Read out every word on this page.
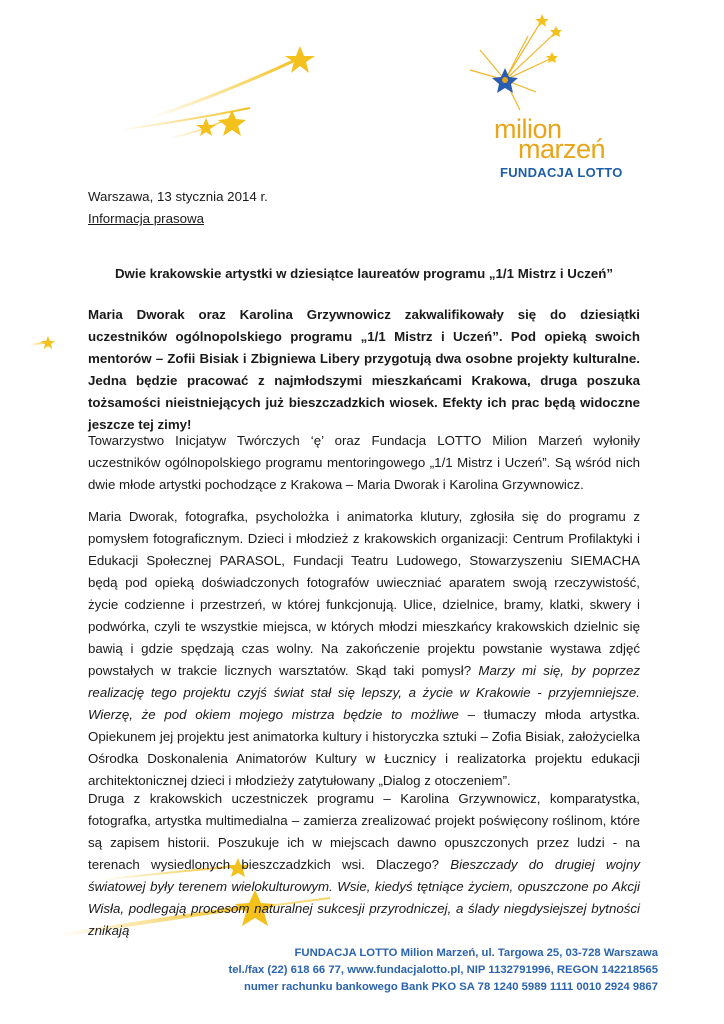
milion
marzeń
FUNDACJA LOTTO
Warszawa, 13 stycznia 2014 r.
Informacja prasowa
Dwie krakowskie artystki w dziesiątce laureatów programu „1/1 Mistrz i Uczeń”

Maria Dworak oraz Karolina Grzywnowicz zakwalifikowały się do dziesiątki uczestników ogólnopolskiego programu „1/1 Mistrz i Uczeń”. Pod opieką swoich mentorów – Zofii Bisiak i Zbigniewa Libery przygotują dwa osobne projekty kulturalne. Jedna będzie pracować z najmłodszymi mieszkańcami Krakowa, druga poszuka tożsamości nieistniejących już bieszczadzkich wiosek. Efekty ich prac będą widoczne jeszcze tej zimy!

Towarzystwo Inicjatyw Twórczych ‘ę’ oraz Fundacja LOTTO Milion Marzeń wyłoniły uczestników ogólnopolskiego programu mentoringowego „1/1 Mistrz i Uczeń”. Są wśród nich dwie młode artystki pochodzące z Krakowa – Maria Dworak i Karolina Grzywnowicz.

Maria Dworak, fotografka, psycholożka i animatorka klutury, zgłosiła się do programu z pomysłem fotograficznym. Dzieci i młodzież z krakowskich organizacji: Centrum Profilaktyki i Edukacji Społecznej PARASOL, Fundacji Teatru Ludowego, Stowarzyszeniu SIEMACHA będą pod opieką doświadczonych fotografów uwieczniać aparatem swoją rzeczywistość, życie codzienne i przestrzeń, w której funkcjonują. Ulice, dzielnice, bramy, klatki, skwery i podwórka, czyli te wszystkie miejsca, w których młodzi mieszkańcy krakowskich dzielnic się bawią i gdzie spędzają czas wolny. Na zakończenie projektu powstanie wystawa zdjęć powstałych w trakcie licznych warsztatów. Skąd taki pomysł? Marzy mi się, by poprzez realizację tego projektu czyjś świat stał się lepszy, a życie w Krakowie - przyjemniejsze. Wierzę, że pod okiem mojego mistrza będzie to możliwe – tłumaczy młoda artystka. Opiekunem jej projektu jest animatorka kultury i historyczka sztuki – Zofia Bisiak, założycielka Ośrodka Doskonalenia Animatorów Kultury w Łucznicy i realizatorka projektu edukacji architektonicznej dzieci i młodzieży zatytułowany „Dialog z otoczeniem”.

Druga z krakowskich uczestniczek programu – Karolina Grzywnowicz, komparatystka, fotografka, artystka multimedialna – zamierza zrealizować projekt poświęcony roślinom, które są zapisem historii. Poszukuje ich w miejscach dawno opuszczonych przez ludzi - na terenach wysiedlonych bieszczadzkich wsi. Dlaczego? Bieszczady do drugiej wojny światowej były terenem wielokulturowym. Wsie, kiedyś tętniące życiem, opuszczone po Akcji Wisła, podlegają procesom naturalnej sukcesji przyrodniczej, a ślady niegdysiejszej bytności znikają

FUNDACJA LOTTO Milion Marzeń, ul. Targowa 25, 03-728 Warszawa
tel./fax (22) 618 66 77, www.fundacjalotto.pl, NIP 1132791996, REGON 142218565
numer rachunku bankowego Bank PKO SA 78 1240 5989 1111 0010 2924 9867
